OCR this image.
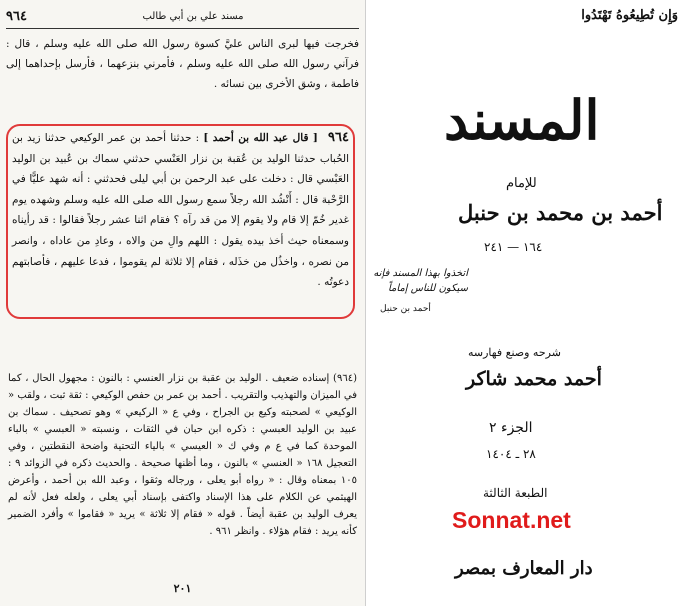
مسند علي بن أبي طالب
٩٦٤
فخرجت فيها لبرى الناس عليَّ كسوة رسول الله صلى الله عليه وسلم ، قال : فرآني رسول الله صلى الله عليه وسلم ، فأمرني بنزعهما ، فأرسل بإحداهما إلى فاطمة ، وشق الأخرى بين نسائه .
٩٦٤ [ قال عبد الله بن أحمد ] : حدثنا أحمد بن عمر الوكيعي حدثنا زيد بن الحُباب حدثنا الوليد بن عُقبة بن نزار العَنْسي حدثني سماك بن عُبيد بن الوليد العَبْسي قال : دخلت على عبد الرحمن بن أبي ليلى فحدثني : أنه شهد عليًّا في الرَّحْبة قال : أَنْشُد الله رجلاً سمع رسول الله صلى الله عليه وسلم وشهده يوم غدير خُمّ إلا قام ولا يقوم إلا من قد رآه ؟ فقام اثنا عشر رجلاً فقالوا : قد رأيناه وسمعناه حيث أخذ بيده يقول : اللهم والِ من والاه ، وعادِ من عاداه ، وانصر من نصره ، واخذُل من خذَله ، فقام إلا ثلاثة لم يقوموا ، فدعا عليهم ، فأصابتهم دعوتُه .
(٩٦٤) إسناده ضعيف . الوليد بن عقبة بن نزار العنسي : بالنون : مجهول الحال ، كما في الميزان والتهذيب والتقريب . أحمد بن عمر بن حفص الوكيعي : ثقة ثبت ، ولقب « الوكيعي » لصحبته وكيع بن الجراح ، وفي ع « الركيعي » وهو تصحيف . سماك بن عبيد بن الوليد العبسي : ذكره ابن حبان في الثقات ، ونسبته « العبسي » بالباء الموحدة كما في ع م وفي ك « العيسي » بالياء التحتية واضحة النقطتين ، وفي التعجيل ١٦٨ « العنسي » بالنون ، وما أظنها صحيحة . والحديث ذكره في الزوائد ٩ : ١٠٥ بمعناه وقال : « رواه أبو يعلى ، ورجاله وثقوا ، وعبد الله بن أحمد ، وأعرض الهيثمي عن الكلام على هذا الإسناد واكتفى بإسناد أبي يعلى ، ولعله فعل لأنه لم يعرف الوليد بن عقبة أيضاً . قوله « فقام إلا ثلاثة » يريد « فقاموا » وأفرد الضمير كأنه يريد : فقام هؤلاء . وانظر ٩٦١ .
٢٠١
وَإِن تُطِيعُوهُ تَهْتَدُوا
المسند
للإمام
أحمد بن محمد بن حنبل
١٦٤ — ٢٤١
اتخذوا بهذا المسند فإنه سيكون للناس إماماً
أحمد بن حنبل
شرحه وصنع فهارسه
أحمد محمد شاكر
الجزء ٢
٢٨ ـ ١٤٠٤
الطبعة الثالثة
Sonnat.net
دار المعارف بمصر
